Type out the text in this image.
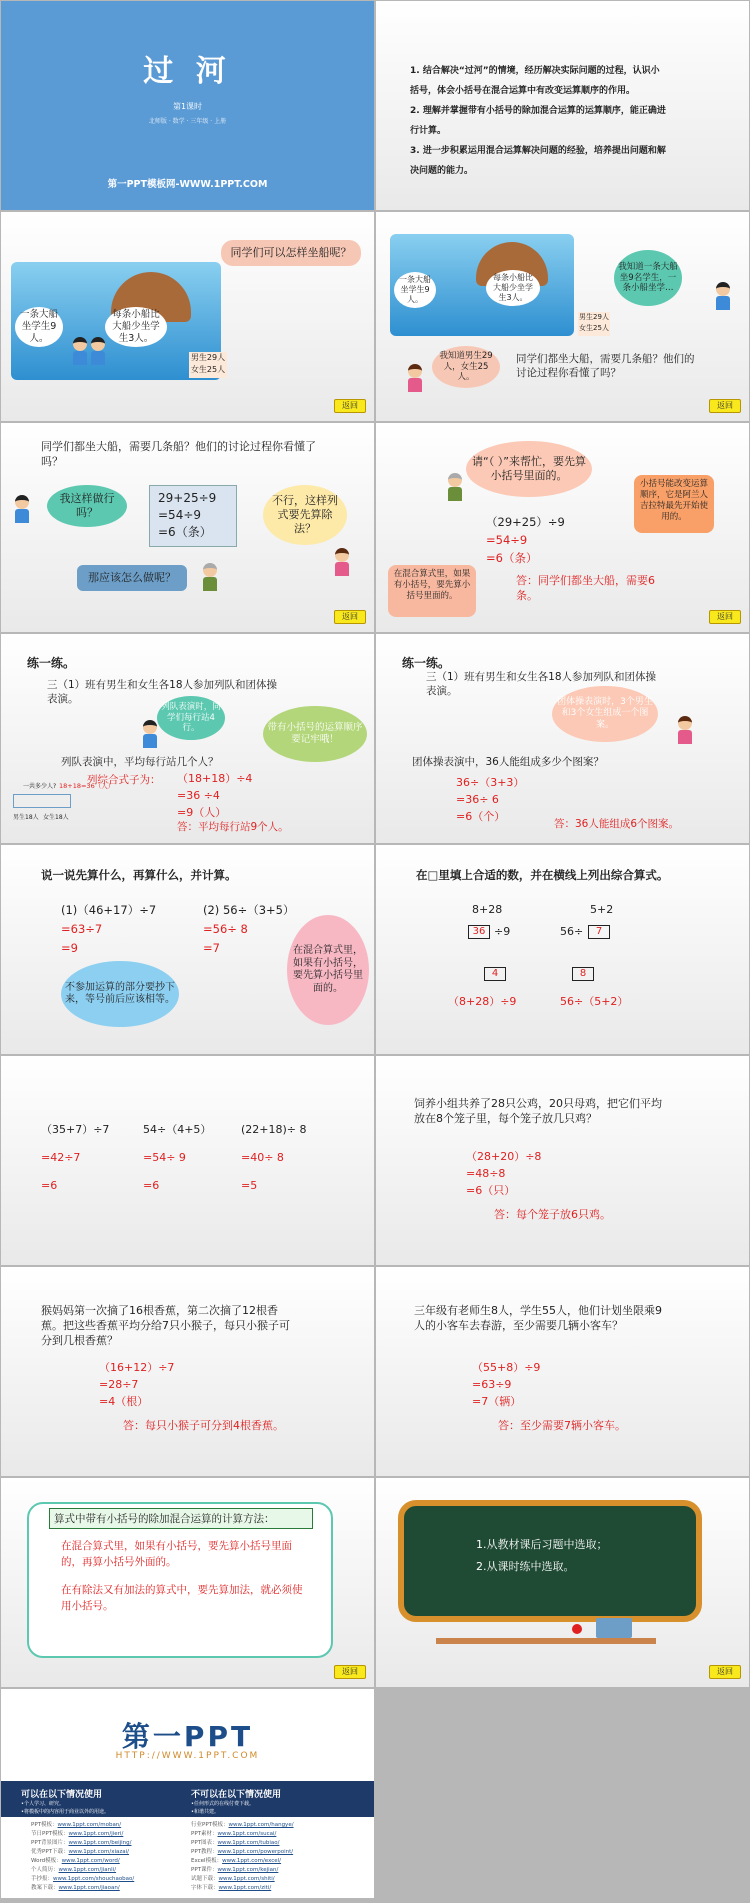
过 河
第1课时
北师版 · 数学 · 三年级 · 上册
第一PPT模板网-WWW.1PPT.COM
1. 结合解决“过河”的情境，经历解决实际问题的过程，认识小
括号，体会小括号在混合运算中有改变运算顺序的作用。
2. 理解并掌握带有小括号的除加混合运算的运算顺序，能正确进
行计算。
3. 进一步积累运用混合运算解决问题的经验，培养提出问题和解
决问题的能力。
同学们可以怎样坐船呢？
一条大船坐学生9人。
每条小船比大船少坐学生3人。
男生29人 女生25人
返回
一条大船坐学生9人。
每条小船比大船少坐学生3人。
男生29人 女生25人
我知道一条大船坐9名学生，一条小船坐学…
我知道男生29人，女生25人。
同学们都坐大船，需要几条船？他们的讨论过程你看懂了吗？
返回
同学们都坐大船，需要几条船？他们的讨论过程你看懂了吗？
我这样做行吗？
29+25÷9
=54÷9
=6（条）
不行，这样列式要先算除法？
那应该怎么做呢？
返回
请“（ ）”来帮忙，要先算小括号里面的。
（29+25）÷9
=54÷9
=6（条）
小括号能改变运算顺序，它是阿兰人吉拉特最先开始使用的。
在混合算式里，如果有小括号，要先算小括号里面的。
答：同学们都坐大船，需要6条。
返回
练一练。
三（1）班有男生和女生各18人参加列队和团体操表演。
列队表演时，同学们每行站4行。	带有小括号的运算顺序要记牢哦！
列队表演中，平均每行站几个人？
列综合式子为： （18+18）÷4
=36 ÷4
=9（人）
答：平均每行站9个人。
一共多少人? 18+18=36（人）
男生18人 女生18人
练一练。
三（1）班有男生和女生各18人参加列队和团体操表演。
团体操表演时，3个男生和3个女生组成一个图案。
团体操表演中，36人能组成多少个图案？
36÷（3+3）
=36÷ 6
=6（个）
答：36人能组成6个图案。
说一说先算什么，再算什么，并计算。
(1)（46+17）÷7
=63÷7
=9
(2) 56÷（3+5）
=56÷ 8
=7
不参加运算的部分要抄下来，等号前后应该相等。
在混合算式里，如果有小括号，要先算小括号里面的。
在□里填上合适的数，并在横线上列出综合算式。
8+28
36 ÷9
4
（8+28）÷9
5+2
56÷	7
8
56÷（5+2）
（35+7）÷7
=42÷7
=6
54÷（4+5）
=54÷ 9
=6
(22+18)÷ 8
=40÷ 8
=5
饲养小组共养了28只公鸡，20只母鸡，把它们平均放在8个笼子里，每个笼子放几只鸡？
（28+20）÷8
=48÷8
=6（只）
答：每个笼子放6只鸡。
猴妈妈第一次摘了16根香蕉，第二次摘了12根香蕉。把这些香蕉平均分给7只小猴子，每只小猴子可分到几根香蕉？
（16+12）÷7
=28÷7
=4（根）
答：每只小猴子可分到4根香蕉。
三年级有老师生8人，学生55人，他们计划坐限乘9人的小客车去春游，至少需要几辆小客车？
（55+8）÷9
=63÷9
=7（辆）
答：至少需要7辆小客车。
算式中带有小括号的除加混合运算的计算方法：
在混合算式里，如果有小括号，要先算小括号里面的，再算小括号外面的。
在有除法又有加法的算式中，要先算加法，就必须使用小括号。
返回
1.从教材课后习题中选取；
2.从课时练中选取。
返回
第一PPT
HTTP://WWW.1PPT.COM
可以在以下情况使用
•个人学习、研究。
•将模板中的内容用于商业以外的用途。
不可以在以下情况使用
•任何形式的在线付费下载。
•和谐共建。
PPT模板：www.1ppt.com/moban/
节日PPT模板：www.1ppt.com/jieri/
PPT背景图片：www.1ppt.com/beijing/
优秀PPT下载：www.1ppt.com/xiazai/
Word模板：www.1ppt.com/word/
个人简历：www.1ppt.com/jianli/
手抄报：www.1ppt.com/shouchaobao/
教案下载：www.1ppt.com/jiaoan/
行业PPT模板：www.1ppt.com/hangye/
PPT素材：www.1ppt.com/sucai/
PPT图表：www.1ppt.com/tubiao/
PPT教程：www.1ppt.com/powerpoint/
Excel模板：www.1ppt.com/excel/
PPT课件：www.1ppt.com/kejian/
试题下载：www.1ppt.com/shiti/
字体下载：www.1ppt.com/ziti/
